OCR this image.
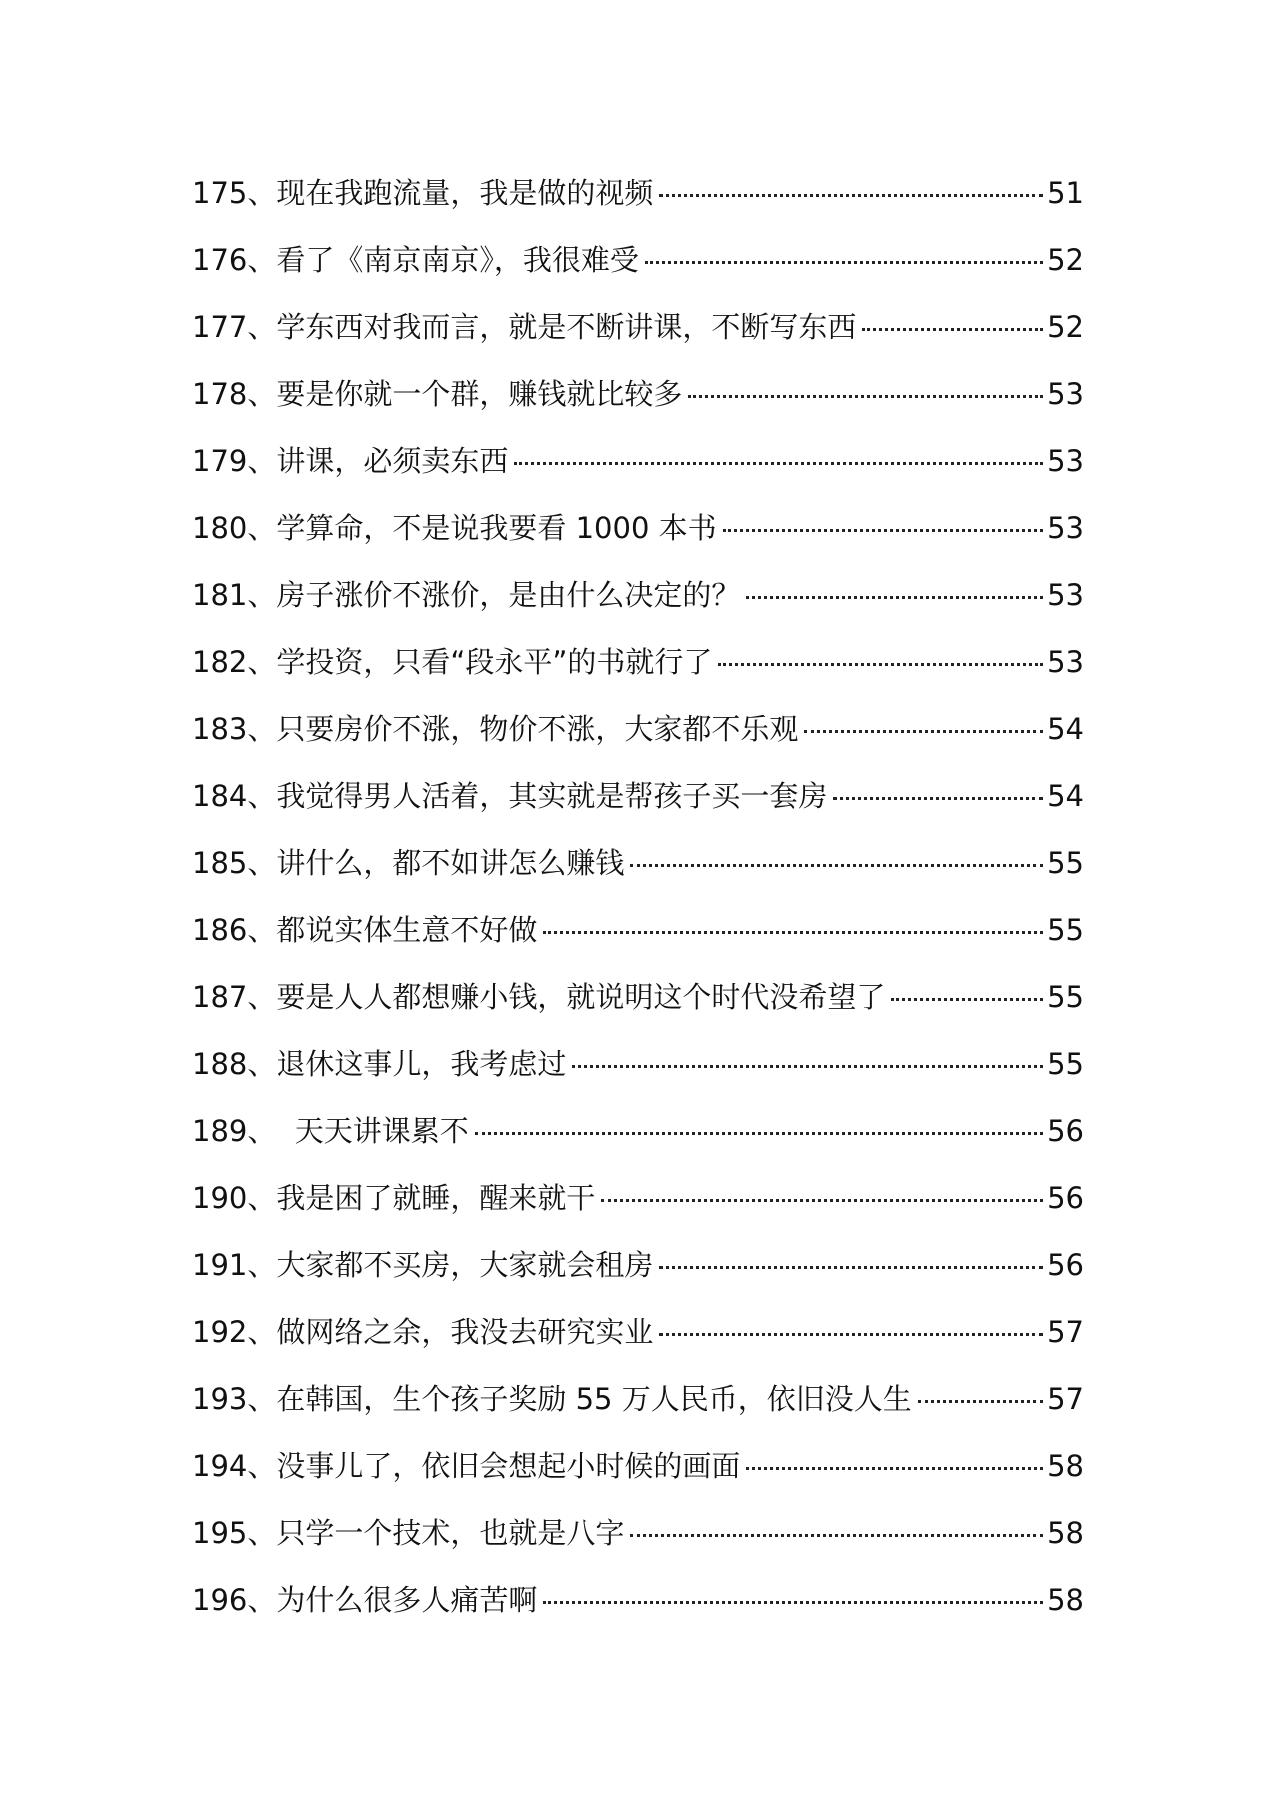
175 、 现在我跑流量，我是做的视频	51
176 、 看了《南京南京》，我很难受	52
177 、 学东西对我而言，就是不断讲课，不断写东西	52
178 、 要是你就一个群，赚钱就比较多	53
179 、 讲课，必须卖东西	53
180 、 学算命，不是说我要看 1000 本书	53
181 、 房子涨价不涨价，是由什么决定的？	53
182 、 学投资，只看“段永平”的书就行了	53
183 、 只要房价不涨，物价不涨，大家都不乐观	54
184 、 我觉得男人活着，其实就是帮孩子买一套房	54
185 、 讲什么，都不如讲怎么赚钱	55
186 、 都说实体生意不好做	55
187 、 要是人人都想赚小钱，就说明这个时代没希望了	55
188 、 退休这事儿，我考虑过	55
189 、 天天讲课累不	56
190 、 我是困了就睡，醒来就干	56
191 、 大家都不买房，大家就会租房	56
192 、 做网络之余，我没去研究实业	57
193 、 在韩国，生个孩子奖励 55 万人民币，依旧没人生	57
194 、 没事儿了，依旧会想起小时候的画面	58
195 、 只学一个技术，也就是八字	58
196 、 为什么很多人痛苦啊	58
